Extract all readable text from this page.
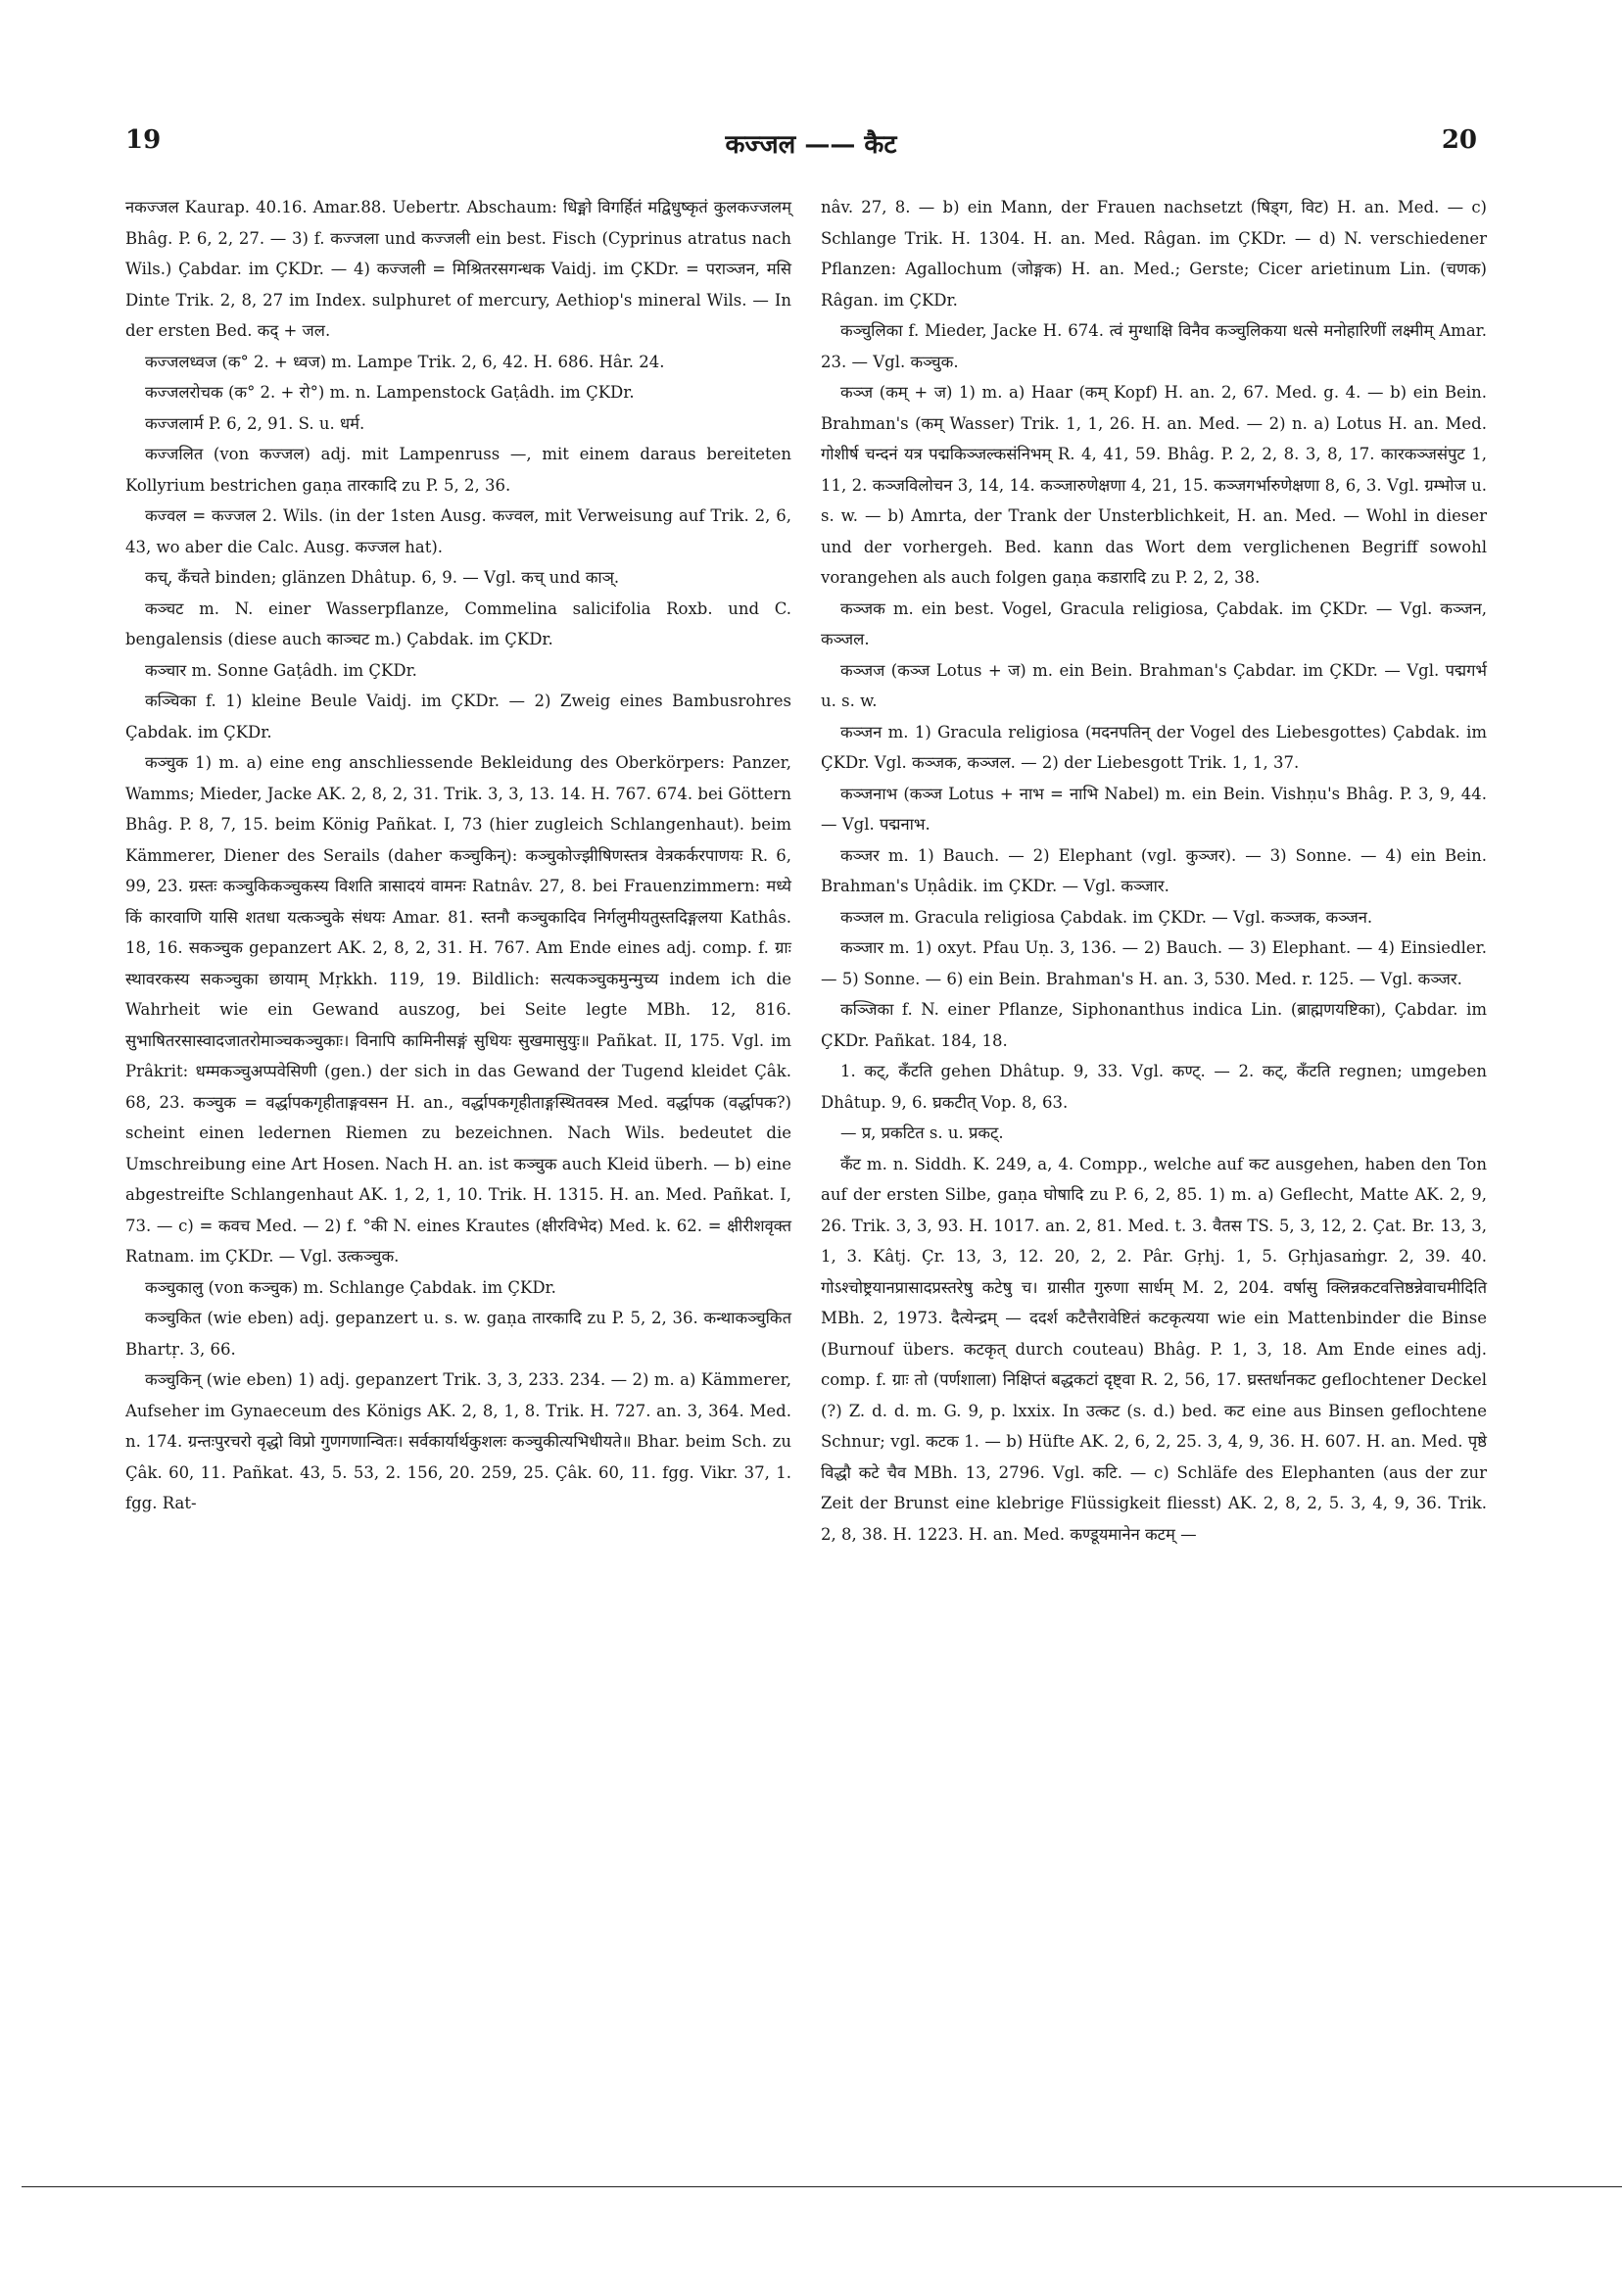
19	कज्जल —— कैट	20

नकज्जल Kaurap. 40.16. Amar.88. Uebertr. Abschaum: धिङ्मो विगर्हितं मद्विधुष्कृतं कुलकज्जलम् Bhâg. P. 6, 2, 27. — 3) f. कज्जला und कज्जली ein best. Fisch (Cyprinus atratus nach Wils.) Çabdar. im ÇKDr. — 4) कज्जली = मिश्रितरसगन्धक Vaidj. im ÇKDr. = पराञ्जन, मसि Dinte Trik. 2, 8, 27 im Index. sulphuret of mercury, Aethiop's mineral Wils. — In der ersten Bed. कद् + जल.

कज्जलध्वज (क° 2. + ध्वज) m. Lampe Trik. 2, 6, 42. H. 686. Hâr. 24.

कज्जलरोचक (क° 2. + रो°) m. n. Lampenstock Gaṭâdh. im ÇKDr.

कज्जलार्म P. 6, 2, 91. S. u. धर्म.

कज्जलित (von कज्जल) adj. mit Lampenruss —, mit einem daraus bereiteten Kollyrium bestrichen gaṇa तारकादि zu P. 5, 2, 36.

कज्वल = कज्जल 2. Wils. (in der 1sten Ausg. कज्वल, mit Verweisung auf Trik. 2, 6, 43, wo aber die Calc. Ausg. कज्जल hat).

कच्, कँचते binden; glänzen Dhâtup. 6, 9. — Vgl. कच् und काञ्.

कञ्चट m. N. einer Wasserpflanze, Commelina salicifolia Roxb. und C. bengalensis (diese auch काञ्चट m.) Çabdak. im ÇKDr.

कञ्चार m. Sonne Gaṭâdh. im ÇKDr.

कञ्चिका f. 1) kleine Beule Vaidj. im ÇKDr. — 2) Zweig eines Bambusrohres Çabdak. im ÇKDr.

कञ्चुक 1) m. a) eine eng anschliessende Bekleidung des Oberkörpers: Panzer, Wamms; Mieder, Jacke AK. 2, 8, 2, 31. Trik. 3, 3, 13. 14. H. 767. 674. bei Göttern Bhâg. P. 8, 7, 15. beim König Pañkat. I, 73 (hier zugleich Schlangenhaut). beim Kämmerer, Diener des Serails (daher कञ्चुकिन्): कञ्चुकोज्झीषिणस्तत्र वेत्रकर्करपाणयः R. 6, 99, 23. ग्रस्तः कञ्चुकिकञ्चुकस्य विशति त्रासादयं वामनः Ratnâv. 27, 8. bei Frauenzimmern: मध्ये किं कारवाणि यासि शतधा यत्कञ्चुके संधयः Amar. 81. स्तनौ कञ्चुकादिव निर्गलुमीयतुस्तदिङ्गलया Kathâs. 18, 16. सकञ्चुक gepanzert AK. 2, 8, 2, 31. H. 767. Am Ende eines adj. comp. f. ग्राः स्थावरकस्य सकञ्चुका छायाम् Mṛkkh. 119, 19. Bildlich: सत्यकञ्चुकमुन्मुच्य indem ich die Wahrheit wie ein Gewand auszog, bei Seite legte MBh. 12, 816. सुभाषितरसास्वादजातरोमाञ्चकञ्चुकाः। विनापि कामिनीसङ्गं सुधियः सुखमासुयुः॥ Pañkat. II, 175. Vgl. im Prâkrit: धम्मकञ्चुअप्पवेसिणी (gen.) der sich in das Gewand der Tugend kleidet Çâk. 68, 23. कञ्चुक = वर्द्धापकगृहीताङ्गवसन H. an., वर्द्धापकगृहीताङ्गस्थितवस्त्र Med. वर्द्धापक (वर्द्धापक?) scheint einen ledernen Riemen zu bezeichnen. Nach Wils. bedeutet die Umschreibung eine Art Hosen. Nach H. an. ist कञ्चुक auch Kleid überh. — b) eine abgestreifte Schlangenhaut AK. 1, 2, 1, 10. Trik. H. 1315. H. an. Med. Pañkat. I, 73. — c) = कवच Med. — 2) f. °की N. eines Krautes (क्षीरविभेद) Med. k. 62. = क्षीरीशवृक्त Ratnam. im ÇKDr. — Vgl. उत्कञ्चुक.

कञ्चुकालु (von कञ्चुक) m. Schlange Çabdak. im ÇKDr.

कञ्चुकित (wie eben) adj. gepanzert u. s. w. gaṇa तारकादि zu P. 5, 2, 36. कन्थाकञ्चुकित Bhartṛ. 3, 66.

कञ्चुकिन् (wie eben) 1) adj. gepanzert Trik. 3, 3, 233. 234. — 2) m. a) Kämmerer, Aufseher im Gynaeceum des Königs AK. 2, 8, 1, 8. Trik. H. 727. an. 3, 364. Med. n. 174. ग्रन्तःपुरचरो वृद्धो विप्रो गुणगणान्वितः। सर्वकार्यार्थकुशलः कञ्चुकीत्यभिधीयते॥ Bhar. beim Sch. zu Çâk. 60, 11. Pañkat. 43, 5. 53, 2. 156, 20. 259, 25. Çâk. 60, 11. fgg. Vikr. 37, 1. fgg. Rat-

nâv. 27, 8. — b) ein Mann, der Frauen nachsetzt (षिड्ग, विट) H. an. Med. — c) Schlange Trik. H. 1304. H. an. Med. Râgan. im ÇKDr. — d) N. verschiedener Pflanzen: Agallochum (जोङ्गक) H. an. Med.; Gerste; Cicer arietinum Lin. (चणक) Râgan. im ÇKDr.

कञ्चुलिका f. Mieder, Jacke H. 674. त्वं मुग्धाक्षि विनैव कञ्चुलिकया धत्से मनोहारिणीं लक्ष्मीम् Amar. 23. — Vgl. कञ्चुक.

कञ्ज (कम् + ज) 1) m. a) Haar (कम् Kopf) H. an. 2, 67. Med. g. 4. — b) ein Bein. Brahman's (कम् Wasser) Trik. 1, 1, 26. H. an. Med. — 2) n. a) Lotus H. an. Med. गोशीर्ष चन्दनं यत्र पद्मकिञ्जल्कसंनिभम् R. 4, 41, 59. Bhâg. P. 2, 2, 8. 3, 8, 17. कारकञ्जसंपुट 1, 11, 2. कञ्जविलोचन 3, 14, 14. कञ्जारुणेक्षणा 4, 21, 15. कञ्जगर्भारुणेक्षणा 8, 6, 3. Vgl. ग्रम्भोज u. s. w. — b) Amrta, der Trank der Unsterblichkeit, H. an. Med. — Wohl in dieser und der vorhergeh. Bed. kann das Wort dem verglichenen Begriff sowohl vorangehen als auch folgen gaṇa कडारादि zu P. 2, 2, 38.

कञ्जक m. ein best. Vogel, Gracula religiosa, Çabdak. im ÇKDr. — Vgl. कञ्जन, कञ्जल.

कञ्जज (कञ्ज Lotus + ज) m. ein Bein. Brahman's Çabdar. im ÇKDr. — Vgl. पद्मगर्भ u. s. w.

कञ्जन m. 1) Gracula religiosa (मदनपतिन् der Vogel des Liebesgottes) Çabdak. im ÇKDr. Vgl. कञ्जक, कञ्जल. — 2) der Liebesgott Trik. 1, 1, 37.

कञ्जनाभ (कञ्ज Lotus + नाभ = नाभि Nabel) m. ein Bein. Vishṇu's Bhâg. P. 3, 9, 44. — Vgl. पद्मनाभ.

कञ्जर m. 1) Bauch. — 2) Elephant (vgl. कुञ्जर). — 3) Sonne. — 4) ein Bein. Brahman's Uṇâdik. im ÇKDr. — Vgl. कञ्जार.

कञ्जल m. Gracula religiosa Çabdak. im ÇKDr. — Vgl. कञ्जक, कञ्जन.

कञ्जार m. 1) oxyt. Pfau Uṇ. 3, 136. — 2) Bauch. — 3) Elephant. — 4) Einsiedler. — 5) Sonne. — 6) ein Bein. Brahman's H. an. 3, 530. Med. r. 125. — Vgl. कञ्जर.

कञ्जिका f. N. einer Pflanze, Siphonanthus indica Lin. (ब्राह्मणयष्टिका), Çabdar. im ÇKDr. Pañkat. 184, 18.

1. कट्, कँटति gehen Dhâtup. 9, 33. Vgl. कण्ट्. — 2. कट्, कँटति regnen; umgeben Dhâtup. 9, 6. घ्रकटीत् Vop. 8, 63.

— प्र, प्रकटित s. u. प्रकट्.

कँट m. n. Siddh. K. 249, a, 4. Compp., welche auf कट ausgehen, haben den Ton auf der ersten Silbe, gaṇa घोषादि zu P. 6, 2, 85. 1) m. a) Geflecht, Matte AK. 2, 9, 26. Trik. 3, 3, 93. H. 1017. an. 2, 81. Med. t. 3. वैतस TS. 5, 3, 12, 2. Çat. Br. 13, 3, 1, 3. Kâtj. Çr. 13, 3, 12. 20, 2, 2. Pâr. Gṛhj. 1, 5. Gṛhjasaṁgr. 2, 39. 40. गोऽश्चोष्ट्रयानप्रासादप्रस्तरेषु कटेषु च। ग्रासीत गुरुणा सार्धम् M. 2, 204. वर्षासु क्लिन्नकटवत्तिष्ठन्नेवाचमीदिति MBh. 2, 1973. दैत्येन्द्रम् — ददर्श कटैत्तैरावेष्टितं कटकृत्यया wie ein Mattenbinder die Binse (Burnouf übers. कटकृत् durch couteau) Bhâg. P. 1, 3, 18. Am Ende eines adj. comp. f. ग्राः तो (पर्णशाला) निक्षिप्तं बद्धकटां दृष्ट्वा R. 2, 56, 17. घ्रस्तर्धानकट geflochtener Deckel (?) Z. d. d. m. G. 9, p. lxxix. In उत्कट (s. d.) bed. कट eine aus Binsen geflochtene Schnur; vgl. कटक 1. — b) Hüfte AK. 2, 6, 2, 25. 3, 4, 9, 36. H. 607. H. an. Med. पृष्ठे विद्धौ कटे चैव MBh. 13, 2796. Vgl. कटि. — c) Schläfe des Elephanten (aus der zur Zeit der Brunst eine klebrige Flüssigkeit fliesst) AK. 2, 8, 2, 5. 3, 4, 9, 36. Trik. 2, 8, 38. H. 1223. H. an. Med. कण्डूयमानेन कटम् —
